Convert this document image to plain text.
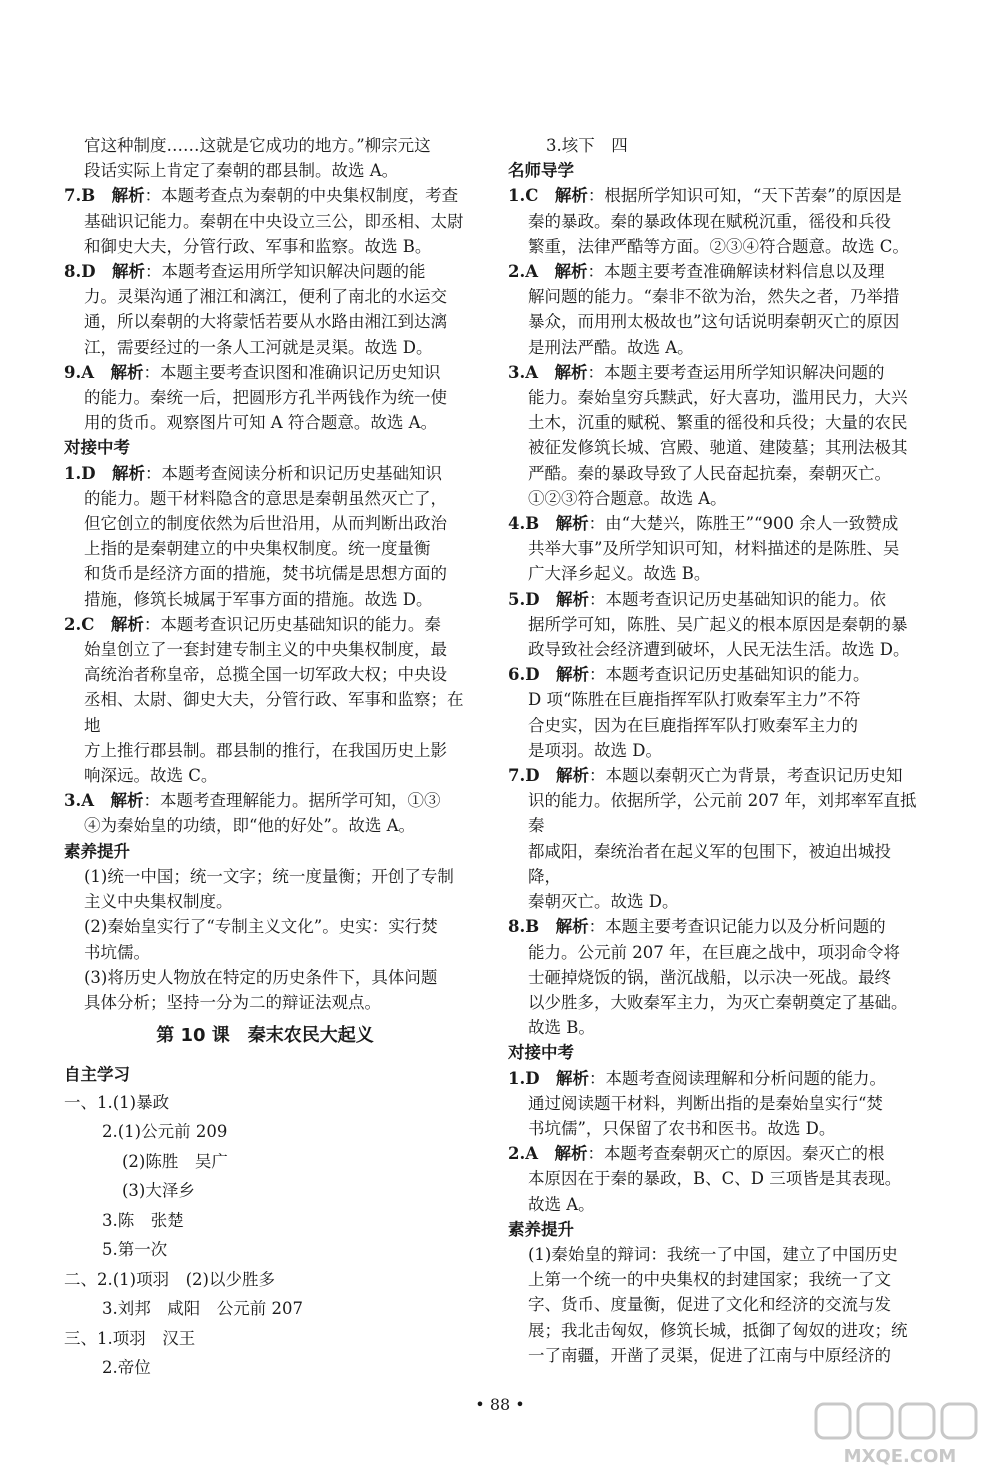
官这种制度……这就是它成功的地方。”柳宗元这
段话实际上肯定了秦朝的郡县制。故选 A。
7.B　 解析：本题考查点为秦朝的中央集权制度，考查
基础识记能力。秦朝在中央设立三公，即丞相、太尉
和御史大夫，分管行政、军事和监察。故选 B。
8.D　 解析：本题考查运用所学知识解决问题的能
力。灵渠沟通了湘江和漓江，便利了南北的水运交
通，所以秦朝的大将蒙恬若要从水路由湘江到达漓
江，需要经过的一条人工河就是灵渠。故选 D。
9.A　 解析：本题主要考查识图和准确识记历史知识
的能力。秦统一后，把圆形方孔半两钱作为统一使
用的货币。观察图片可知 A 符合题意。故选 A。
对接中考
1.D　 解析：本题考查阅读分析和识记历史基础知识
的能力。题干材料隐含的意思是秦朝虽然灭亡了，
但它创立的制度依然为后世沿用，从而判断出政治
上指的是秦朝建立的中央集权制度。统一度量衡
和货币是经济方面的措施，焚书坑儒是思想方面的
措施，修筑长城属于军事方面的措施。故选 D。
2.C　 解析：本题考查识记历史基础知识的能力。秦
始皇创立了一套封建专制主义的中央集权制度，最
高统治者称皇帝，总揽全国一切军政大权；中央设
丞相、太尉、御史大夫，分管行政、军事和监察；在地
方上推行郡县制。郡县制的推行，在我国历史上影
响深远。故选 C。
3.A　 解析：本题考查理解能力。据所学可知，①③
④为秦始皇的功绩，即“他的好处”。故选 A。
素养提升
(1)统一中国；统一文字；统一度量衡；开创了专制
主义中央集权制度。
(2)秦始皇实行了“专制主义文化”。史实：实行焚
书坑儒。
(3)将历史人物放在特定的历史条件下，具体问题
具体分析；坚持一分为二的辩证法观点。
第 10 课　秦末农民大起义
自主学习
一、1.(1)暴政
2.(1)公元前 209
(2)陈胜　吴广
(3)大泽乡
3.陈　张楚
5.第一次
二、2.(1)项羽　(2)以少胜多
3.刘邦　咸阳　公元前 207
三、1.项羽　汉王
2.帝位
3.垓下　四
名师导学
1.C　 解析：根据所学知识可知，“天下苦秦”的原因是
秦的暴政。秦的暴政体现在赋税沉重，徭役和兵役
繁重，法律严酷等方面。②③④符合题意。故选 C。
2.A　 解析：本题主要考查准确解读材料信息以及理
解问题的能力。“秦非不欲为治，然失之者，乃举措
暴众，而用刑太极故也”这句话说明秦朝灭亡的原因
是刑法严酷。故选 A。
3.A　 解析：本题主要考查运用所学知识解决问题的
能力。秦始皇穷兵黩武，好大喜功，滥用民力，大兴
土木，沉重的赋税、繁重的徭役和兵役；大量的农民
被征发修筑长城、宫殿、驰道、建陵墓；其刑法极其
严酷。秦的暴政导致了人民奋起抗秦，秦朝灭亡。
①②③符合题意。故选 A。
4.B　 解析：由“大楚兴，陈胜王”“900 余人一致赞成
共举大事”及所学知识可知，材料描述的是陈胜、吴
广大泽乡起义。故选 B。
5.D　 解析：本题考查识记历史基础知识的能力。依
据所学可知，陈胜、吴广起义的根本原因是秦朝的暴
政导致社会经济遭到破坏，人民无法生活。故选 D。
6.D　 解析：本题考查识记历史基础知识的能力。
D 项“陈胜在巨鹿指挥军队打败秦军主力”不符
合史实，因为在巨鹿指挥军队打败秦军主力的
是项羽。故选 D。
7.D　 解析：本题以秦朝灭亡为背景，考查识记历史知
识的能力。依据所学，公元前 207 年，刘邦率军直抵秦
都咸阳，秦统治者在起义军的包围下，被迫出城投降，
秦朝灭亡。故选 D。
8.B　 解析：本题主要考查识记能力以及分析问题的
能力。公元前 207 年，在巨鹿之战中，项羽命令将
士砸掉烧饭的锅，凿沉战船，以示决一死战。最终
以少胜多，大败秦军主力，为灭亡秦朝奠定了基础。
故选 B。
对接中考
1.D　 解析：本题考查阅读理解和分析问题的能力。
通过阅读题干材料，判断出指的是秦始皇实行“焚
书坑儒”，只保留了农书和医书。故选 D。
2.A　 解析：本题考查秦朝灭亡的原因。秦灭亡的根
本原因在于秦的暴政，B、C、D 三项皆是其表现。
故选 A。
素养提升
(1)秦始皇的辩词：我统一了中国，建立了中国历史
上第一个统一的中央集权的封建国家；我统一了文
字、货币、度量衡，促进了文化和经济的交流与发
展；我北击匈奴，修筑长城，抵御了匈奴的进攻；统
一了南疆，开凿了灵渠，促进了江南与中原经济的
• 88 •
MXQE.COM
